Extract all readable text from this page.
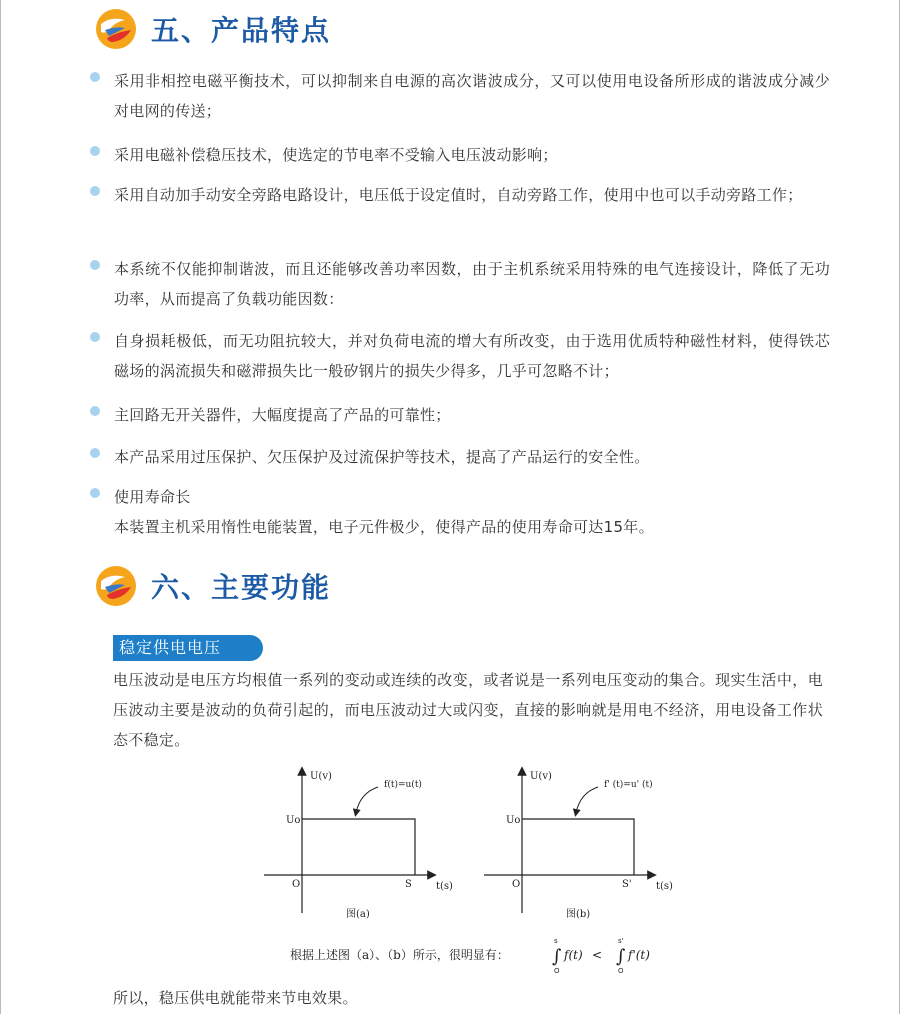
五、产品特点
采用非相控电磁平衡技术，可以抑制来自电源的高次谐波成分，又可以使用电设备所形成的谐波成分减少对电网的传送；
采用电磁补偿稳压技术，使选定的节电率不受输入电压波动影响；
采用自动加手动安全旁路电路设计，电压低于设定值时，自动旁路工作，使用中也可以手动旁路工作；
本系统不仅能抑制谐波，而且还能够改善功率因数，由于主机系统采用特殊的电气连接设计，降低了无功功率，从而提高了负载功能因数：
自身损耗极低，而无功阻抗较大，并对负荷电流的增大有所改变，由于选用优质特种磁性材料，使得铁芯磁场的涡流损失和磁滞损失比一般矽钢片的损失少得多，几乎可忽略不计；
主回路无开关器件，大幅度提高了产品的可靠性；
本产品采用过压保护、欠压保护及过流保护等技术，提高了产品运行的安全性。
使用寿命长
本装置主机采用惰性电能装置，电子元件极少，使得产品的使用寿命可达15年。
六、主要功能
稳定供电电压
电压波动是电压方均根值一系列的变动或连续的改变，或者说是一系列电压变动的集合。现实生活中，电压波动主要是波动的负荷引起的，而电压波动过大或闪变，直接的影响就是用电不经济，用电设备工作状态不稳定。
U(v)
f(t)=u(t)
Uo
O	S t(s)
图(a)
U(v)
f' (t)=u' (t)
Uo
O	S' t(s)
图(b)
根据上述图（a）、（b）所示，很明显有：
s
∫
O
f(t) <
s'
∫
O
f'(t)
所以，稳压供电就能带来节电效果。
